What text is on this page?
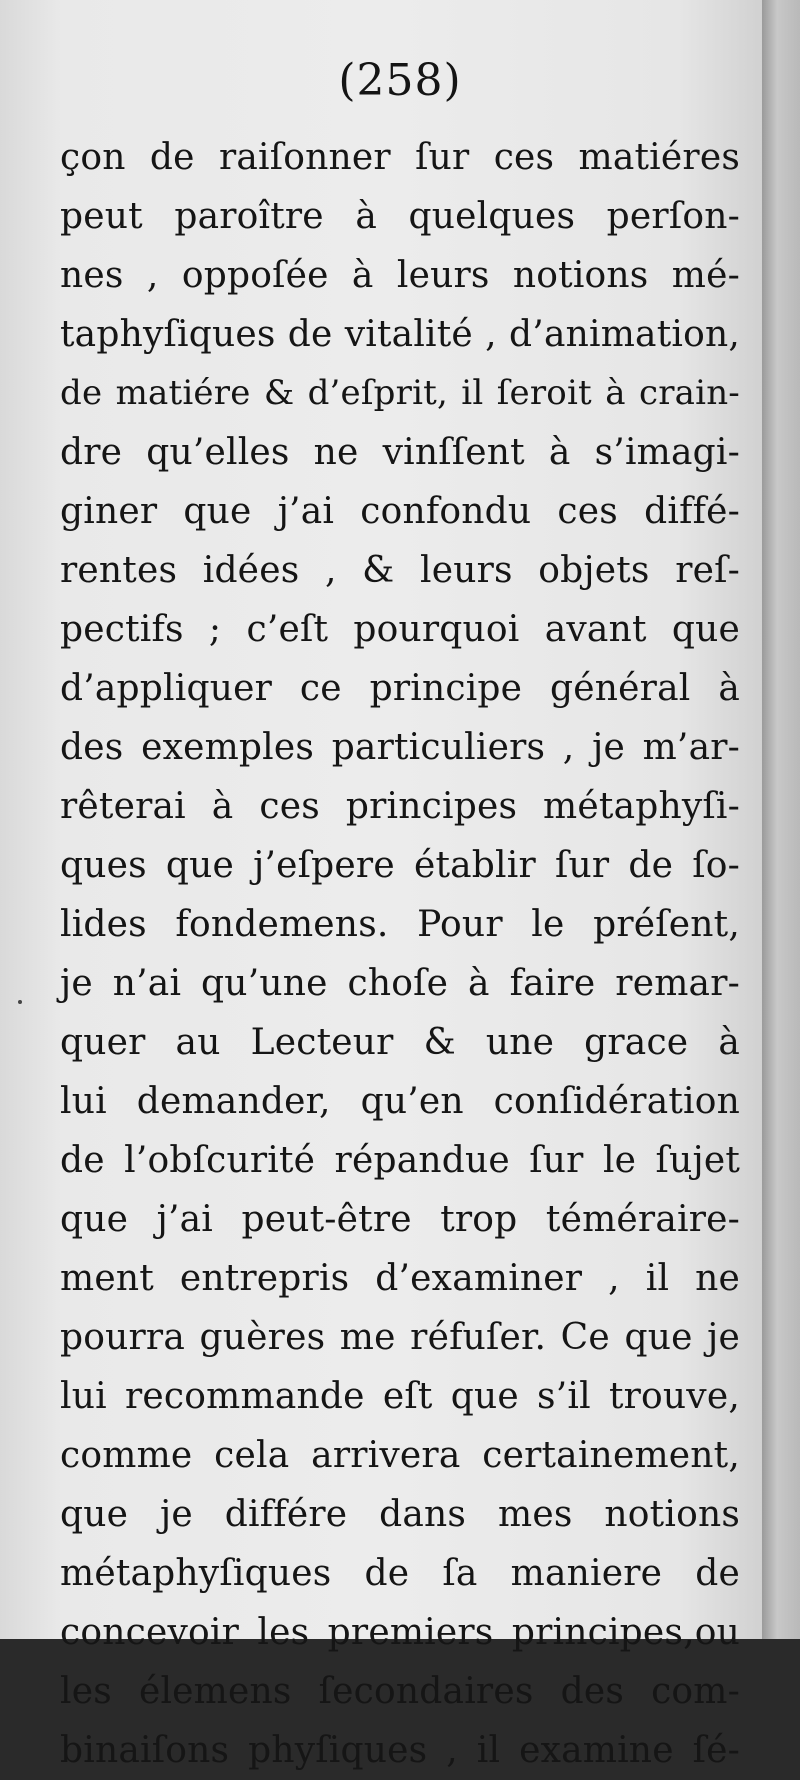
(258)
çon de raiſonner ſur ces matiéres
peut paroître à quelques perſon-
nes , oppoſée à leurs notions mé-
taphyſiques de vitalité , d’animation,
de matiére & d’eſprit, il ſeroit à crain-
dre qu’elles ne vinſſent à s’imagi-
giner que j’ai confondu ces diffé-
rentes idées , & leurs objets reſ-
pectifs ; c’eſt pourquoi avant que
d’appliquer ce principe général à
des exemples particuliers , je m’ar-
rêterai à ces principes métaphyſi-
ques que j’eſpere établir ſur de ſo-
lides fondemens. Pour le préſent,
je n’ai qu’une choſe à faire remar-
quer au Lecteur & une grace à
lui demander, qu’en conſidération
de l’obſcurité répandue ſur le ſujet
que j’ai peut-être trop téméraire-
ment entrepris d’examiner , il ne
pourra guères me réfuſer. Ce que je
lui recommande eſt que s’il trouve,
comme cela arrivera certainement,
que je différe dans mes notions
métaphyſiques de ſa maniere de
concevoir les premiers principes,ou
les élemens ſecondaires des com-
binaiſons phyſiques , il examine ſé-
